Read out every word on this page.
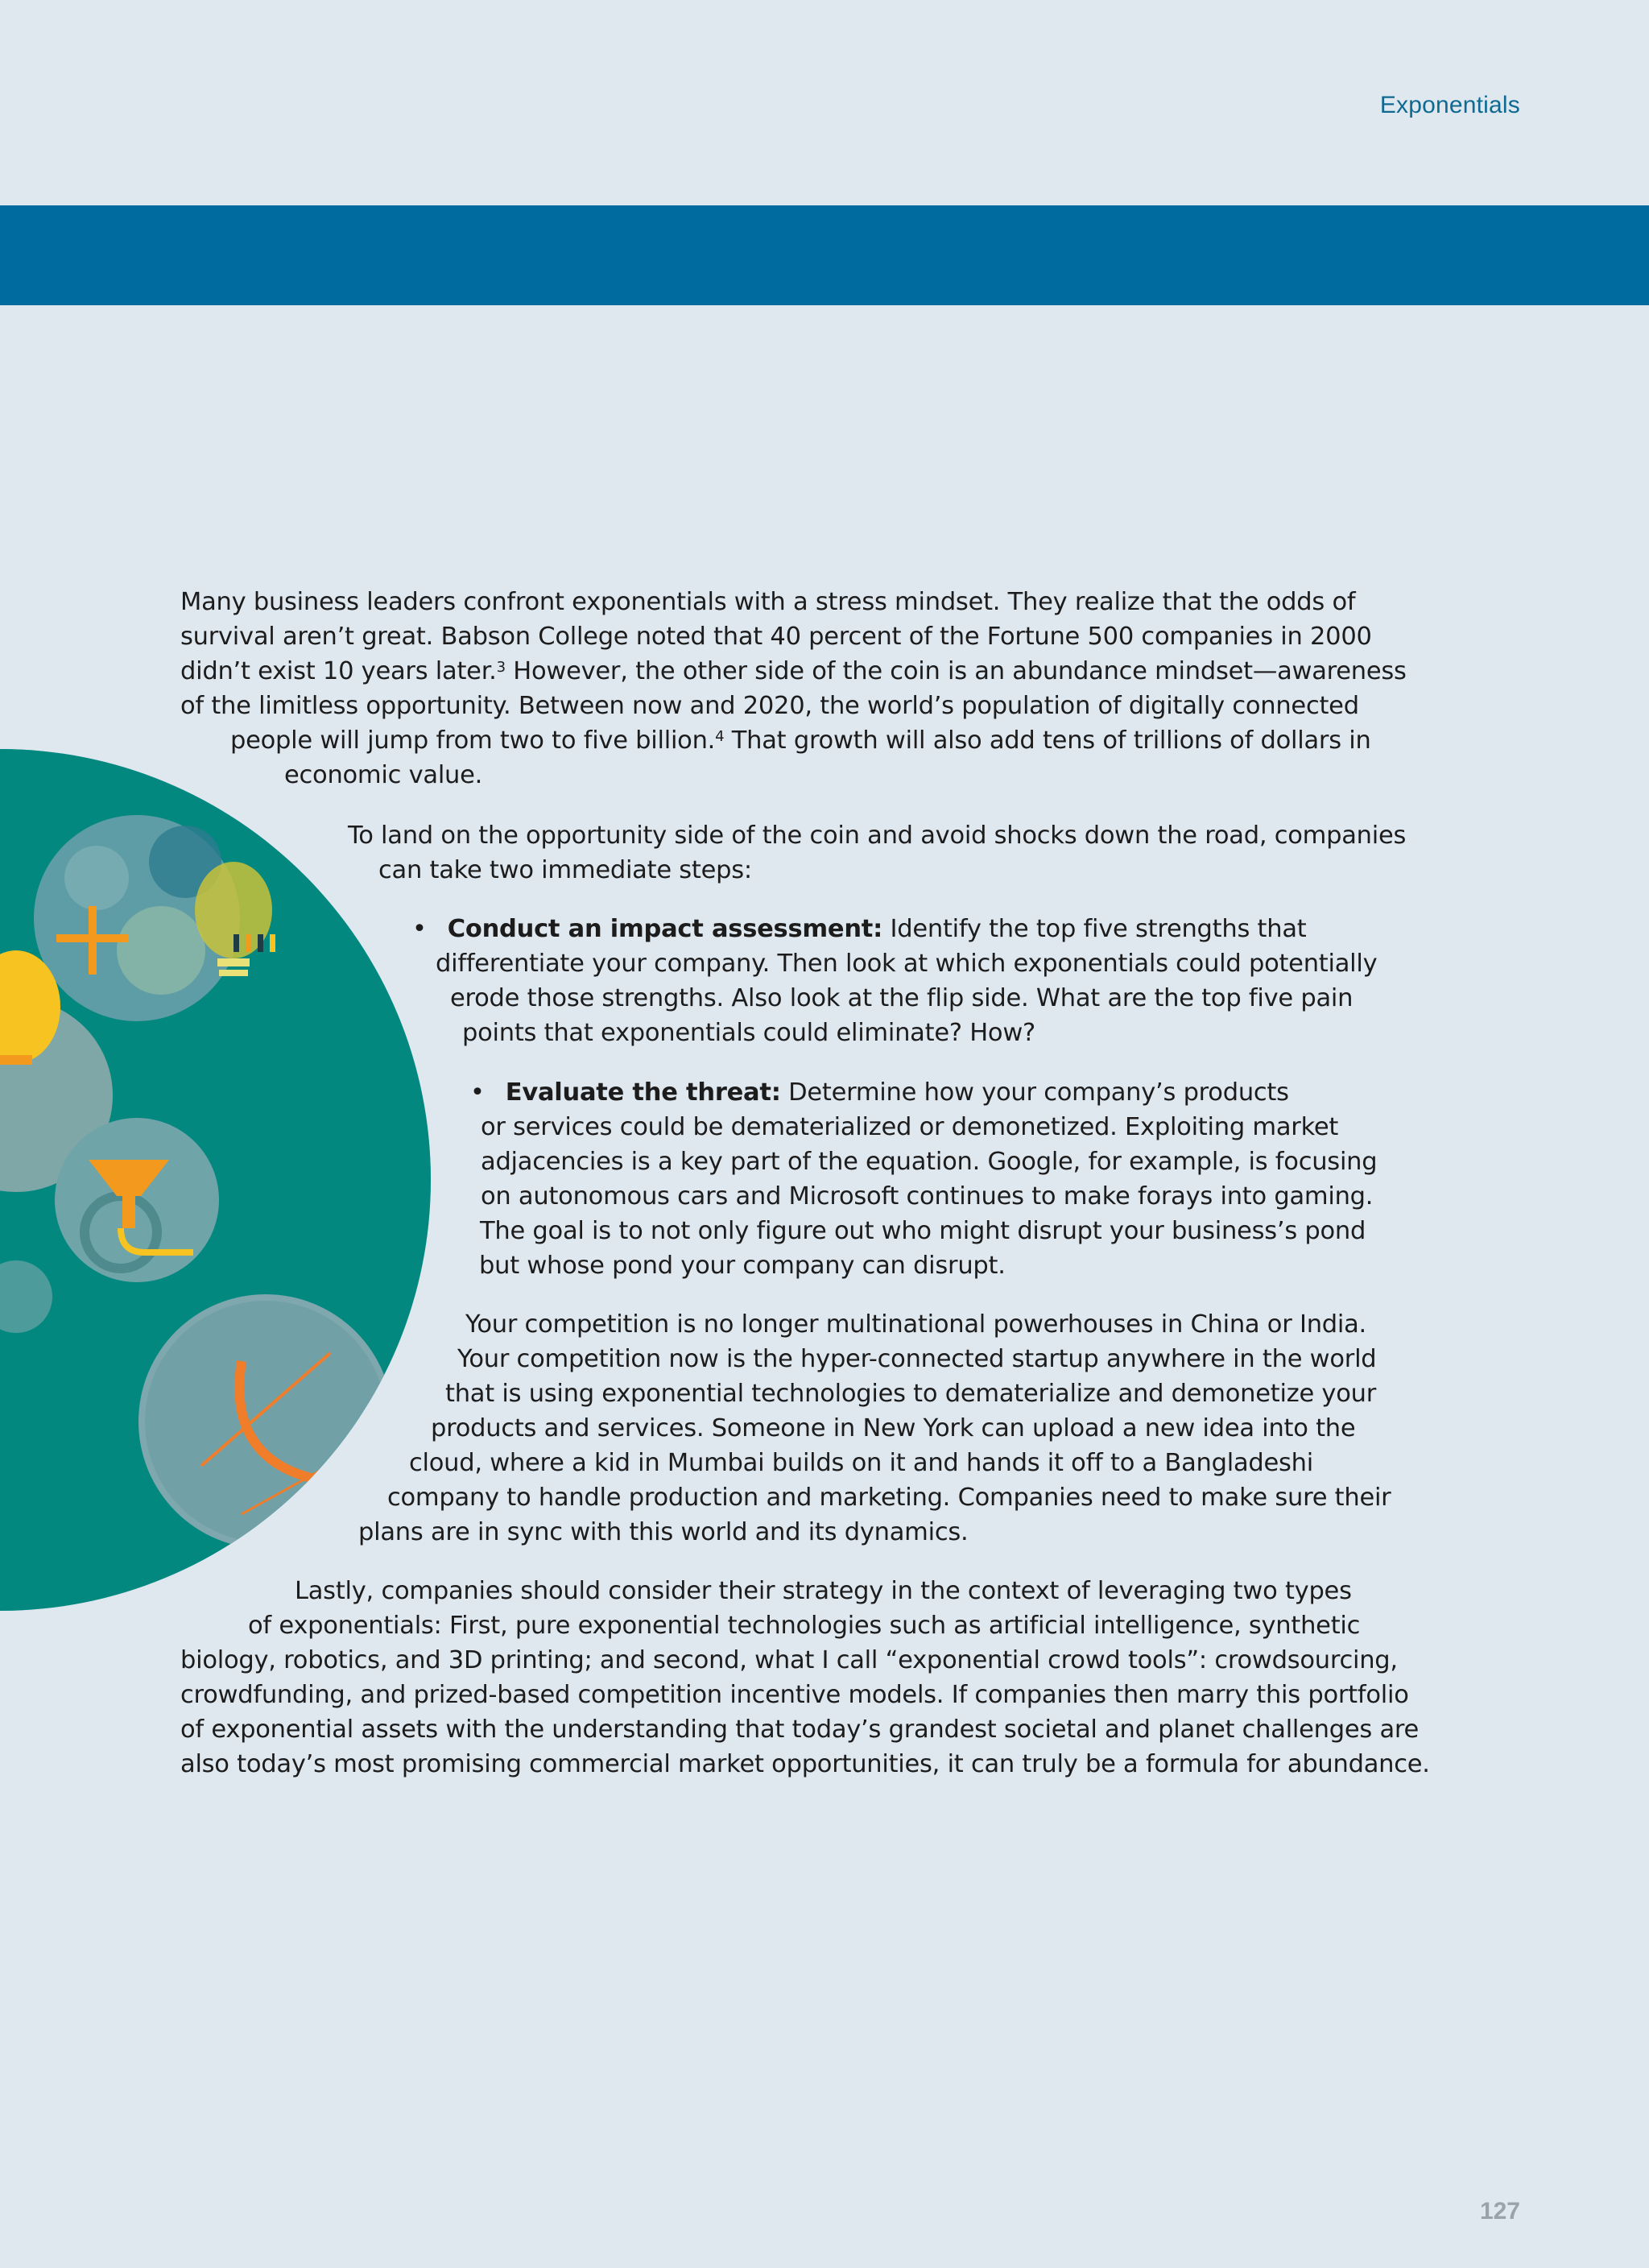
Exponentials
Many business leaders confront exponentials with a stress mindset. They realize that the odds of
survival aren’t great. Babson College noted that 40 percent of the Fortune 500 companies in 2000
didn’t exist 10 years later.$^3$ However, the other side of the coin is an abundance mindset—awareness
of the limitless opportunity. Between now and 2020, the world’s population of digitally connected
people will jump from two to five billion.$^4$ That growth will also add tens of trillions of dollars in
economic value.
To land on the opportunity side of the coin and avoid shocks down the road, companies
can take two immediate steps:
• Conduct an impact assessment: Identify the top five strengths that
differentiate your company. Then look at which exponentials could potentially
erode those strengths. Also look at the flip side. What are the top five pain
points that exponentials could eliminate? How?
• Evaluate the threat: Determine how your company’s products
or services could be dematerialized or demonetized. Exploiting market
adjacencies is a key part of the equation. Google, for example, is focusing
on autonomous cars and Microsoft continues to make forays into gaming.
The goal is to not only figure out who might disrupt your business’s pond
but whose pond your company can disrupt.
Your competition is no longer multinational powerhouses in China or India.
Your competition now is the hyper-connected startup anywhere in the world
that is using exponential technologies to dematerialize and demonetize your
products and services. Someone in New York can upload a new idea into the
cloud, where a kid in Mumbai builds on it and hands it off to a Bangladeshi
company to handle production and marketing. Companies need to make sure their
plans are in sync with this world and its dynamics.
Lastly, companies should consider their strategy in the context of leveraging two types
of exponentials: First, pure exponential technologies such as artificial intelligence, synthetic
biology, robotics, and 3D printing; and second, what I call “exponential crowd tools”: crowdsourcing,
crowdfunding, and prized-based competition incentive models. If companies then marry this portfolio
of exponential assets with the understanding that today’s grandest societal and planet challenges are
also today’s most promising commercial market opportunities, it can truly be a formula for abundance.
127
